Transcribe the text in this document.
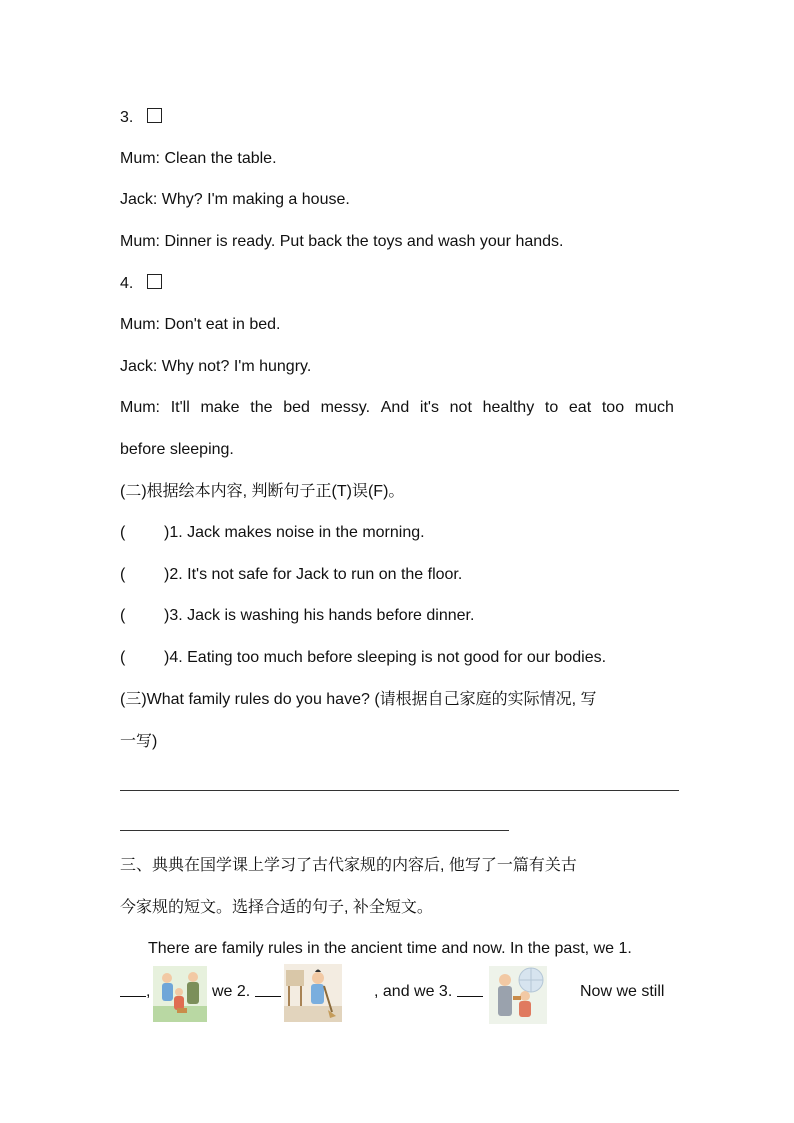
3.
Mum: Clean the table.
Jack: Why? I'm making a house.
Mum: Dinner is ready. Put back the toys and wash your hands.
4.
Mum: Don't eat in bed.
Jack: Why not? I'm hungry.
Mum: It'll make the bed messy. And it's not healthy to eat too much
before sleeping.
(二)根据绘本内容, 判断句子正(T)误(F)。
( )1. Jack makes noise in the morning.
( )2. It's not safe for Jack to run on the floor.
( )3. Jack is washing his hands before dinner.
( )4. Eating too much before sleeping is not good for our bodies.
(三)What family rules do you have? (请根据自己家庭的实际情况, 写
一写)
三、典典在国学课上学习了古代家规的内容后, 他写了一篇有关古
今家规的短文。选择合适的句子, 补全短文。
There are family rules in the ancient time and now. In the past, we 1.
,	we 2.	, and we 3.	Now we still
